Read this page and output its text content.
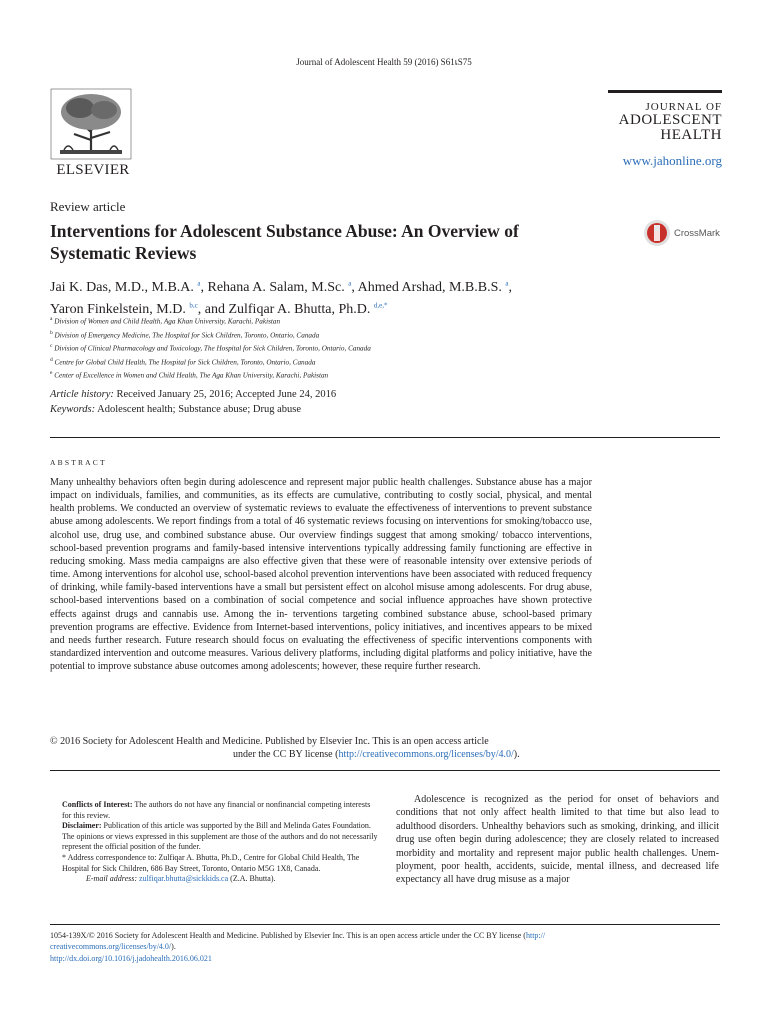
Journal of Adolescent Health 59 (2016) S61เS75
ELSEVIER
JOURNAL OF
ADOLESCENT
HEALTH
www.jahonline.org
Review article
Interventions for Adolescent Substance Abuse: An Overview of Systematic Reviews
CrossMark
Jai K. Das, M.D., M.B.A. $^a$, Rehana A. Salam, M.Sc. $^a$, Ahmed Arshad, M.B.B.S. $^a$,
Yaron Finkelstein, M.D. $^{b,c}$, and Zulfiqar A. Bhutta, Ph.D. $^{d,e,*}$
$^a$ Division of Women and Child Health, Aga Khan University, Karachi, Pakistan
$^b$ Division of Emergency Medicine, The Hospital for Sick Children, Toronto, Ontario, Canada
$^c$ Division of Clinical Pharmacology and Toxicology, The Hospital for Sick Children, Toronto, Ontario, Canada
$^d$ Centre for Global Child Health, The Hospital for Sick Children, Toronto, Ontario, Canada
$^e$ Center of Excellence in Women and Child Health, The Aga Khan University, Karachi, Pakistan
Article history: Received January 25, 2016; Accepted June 24, 2016
Keywords: Adolescent health; Substance abuse; Drug abuse
ABSTRACT
Many unhealthy behaviors often begin during adolescence and represent major public health challenges. Substance abuse has a major impact on individuals, families, and communities, as its effects are cumulative, contributing to costly social, physical, and mental health problems. We conducted an overview of systematic reviews to evaluate the effectiveness of interventions to prevent substance abuse among adolescents. We report findings from a total of 46 systematic reviews focusing on interventions for smoking/tobacco use, alcohol use, drug use, and combined substance abuse. Our overview findings suggest that among smoking/ tobacco interventions, school-based prevention programs and family-based intensive interventions typically addressing family functioning are effective in reducing smoking. Mass media campaigns are also effective given that these were of reasonable intensity over extensive periods of time. Among interventions for alcohol use, school-based alcohol prevention interventions have been associated with reduced frequency of drinking, while family-based interventions have a small but persistent effect on alcohol misuse among adolescents. For drug abuse, school-based interventions based on a combination of social competence and social influence approaches have shown protective effects against drugs and cannabis use. Among the in- terventions targeting combined substance abuse, school-based primary prevention programs are effective. Evidence from Internet-based interventions, policy initiatives, and incentives appears to be mixed and needs further research. Future research should focus on evaluating the effectiveness of specific interventions components with standardized intervention and outcome measures. Various delivery platforms, including digital platforms and policy initiative, have the potential to improve substance abuse outcomes among adolescents; however, these require further research.
© 2016 Society for Adolescent Health and Medicine. Published by Elsevier Inc. This is an open access article
under the CC BY license (http://creativecommons.org/licenses/by/4.0/).
Conflicts of Interest: The authors do not have any financial or nonfinancial competing interests for this review.
Disclaimer: Publication of this article was supported by the Bill and Melinda Gates Foundation. The opinions or views expressed in this supplement are those of the authors and do not necessarily represent the official position of the funder.
* Address correspondence to: Zulfiqar A. Bhutta, Ph.D., Centre for Global Child Health, The Hospital for Sick Children, 686 Bay Street, Toronto, Ontario M5G 1X8, Canada.
E-mail address: zulfiqar.bhutta@sickkids.ca (Z.A. Bhutta).
Adolescence is recognized as the period for onset of behaviors and conditions that not only affect health limited to that time but also lead to adulthood disorders. Unhealthy behaviors such as smoking, drinking, and illicit drug use often begin during adolescence; they are closely related to increased morbidity and mortality and represent major public health challenges. Unem- ployment, poor health, accidents, suicide, mental illness, and decreased life expectancy all have drug misuse as a major
1054-139X/© 2016 Society for Adolescent Health and Medicine. Published by Elsevier Inc. This is an open access article under the CC BY license (http://
creativecommons.org/licenses/by/4.0/).
http://dx.doi.org/10.1016/j.jadohealth.2016.06.021
